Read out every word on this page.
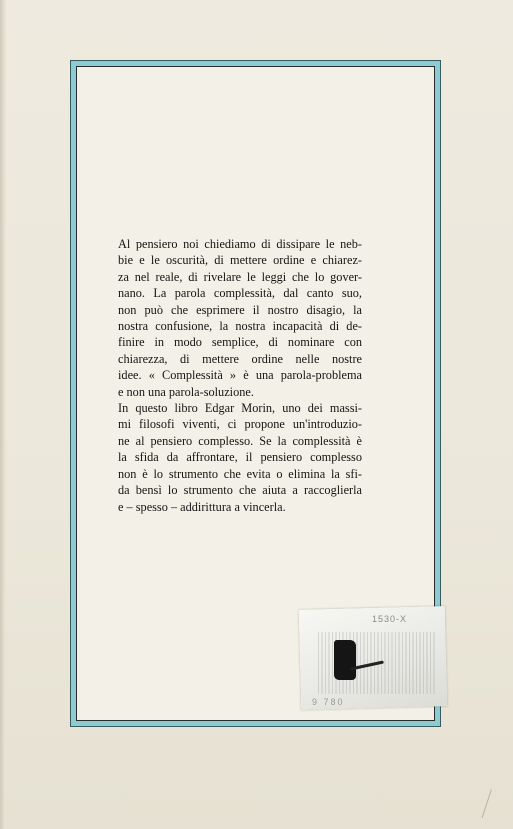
Al pensiero noi chiediamo di dissipare le neb-
bie e le oscurità, di mettere ordine e chiarez-
za nel reale, di rivelare le leggi che lo gover-
nano. La parola complessità, dal canto suo,
non può che esprimere il nostro disagio, la
nostra confusione, la nostra incapacità di de-
finire in modo semplice, di nominare con
chiarezza, di mettere ordine nelle nostre
idee. « Complessità » è una parola-problema
e non una parola-soluzione.

In questo libro Edgar Morin, uno dei massi-
mi filosofi viventi, ci propone un'introduzio-
ne al pensiero complesso. Se la complessità è
la sfida da affrontare, il pensiero complesso
non è lo strumento che evita o elimina la sfi-
da bensì lo strumento che aiuta a raccoglierla
e – spesso – addirittura a vincerla.

1530-X
9 780
